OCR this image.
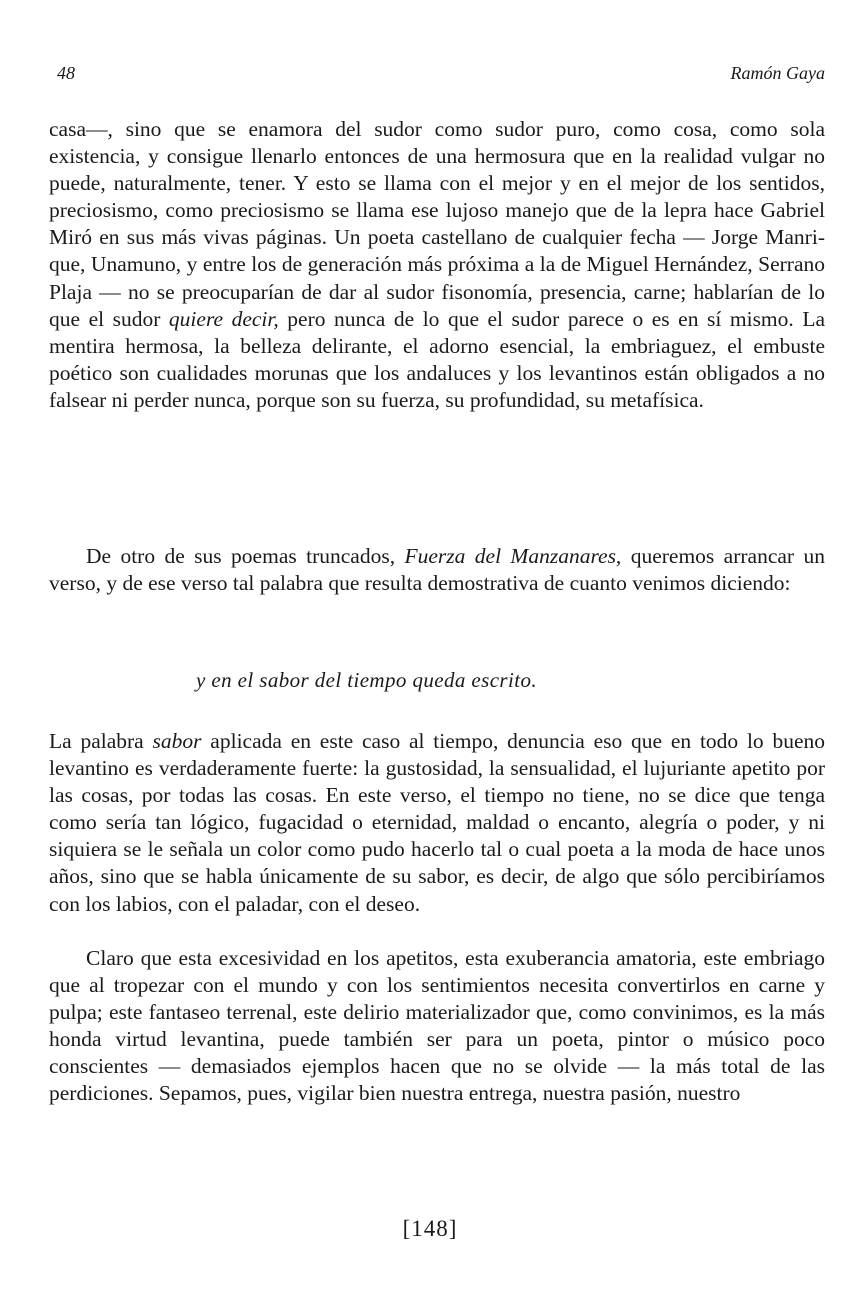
48	Ramón Gaya

casa—, sino que se enamora del sudor como sudor puro, como cosa, como sola existencia, y consigue llenarlo entonces de una hermosura que en la realidad vulgar no puede, naturalmente, tener. Y esto se llama con el mejor y en el mejor de los sentidos, preciosismo, como preciosismo se llama ese lujoso manejo que de la lepra hace Gabriel Miró en sus más vivas páginas. Un poeta castellano de cualquier fecha — Jorge Manrique, Unamuno, y entre los de generación más próxima a la de Miguel Hernández, Serrano Plaja — no se preocuparían de dar al sudor fisonomía, presencia, carne; hablarían de lo que el sudor quiere decir, pero nunca de lo que el sudor parece o es en sí mismo. La mentira hermosa, la belleza delirante, el adorno esencial, la embriaguez, el embuste poético son cualidades morunas que los andaluces y los levantinos están obligados a no falsear ni perder nunca, porque son su fuerza, su profundidad, su metafísica.

De otro de sus poemas truncados, Fuerza del Manzanares, queremos arrancar un verso, y de ese verso tal palabra que resulta demostrativa de cuanto venimos diciendo:

y en el sabor del tiempo queda escrito.

La palabra sabor aplicada en este caso al tiempo, denuncia eso que en todo lo bueno levantino es verdaderamente fuerte: la gustosidad, la sensualidad, el lujuriante apetito por las cosas, por todas las cosas. En este verso, el tiempo no tiene, no se dice que tenga como sería tan lógico, fugacidad o eternidad, maldad o encanto, alegría o poder, y ni siquiera se le señala un color como pudo hacerlo tal o cual poeta a la moda de hace unos años, sino que se habla únicamente de su sabor, es decir, de algo que sólo percibiríamos con los labios, con el paladar, con el deseo.

Claro que esta excesividad en los apetitos, esta exuberancia amatoria, este embriago que al tropezar con el mundo y con los sentimientos necesita convertirlos en carne y pulpa; este fantaseo terrenal, este delirio materializador que, como convinimos, es la más honda virtud levantina, puede también ser para un poeta, pintor o músico poco conscientes — demasiados ejemplos hacen que no se olvide — la más total de las perdiciones. Sepamos, pues, vigilar bien nuestra entrega, nuestra pasión, nuestro

[148]
